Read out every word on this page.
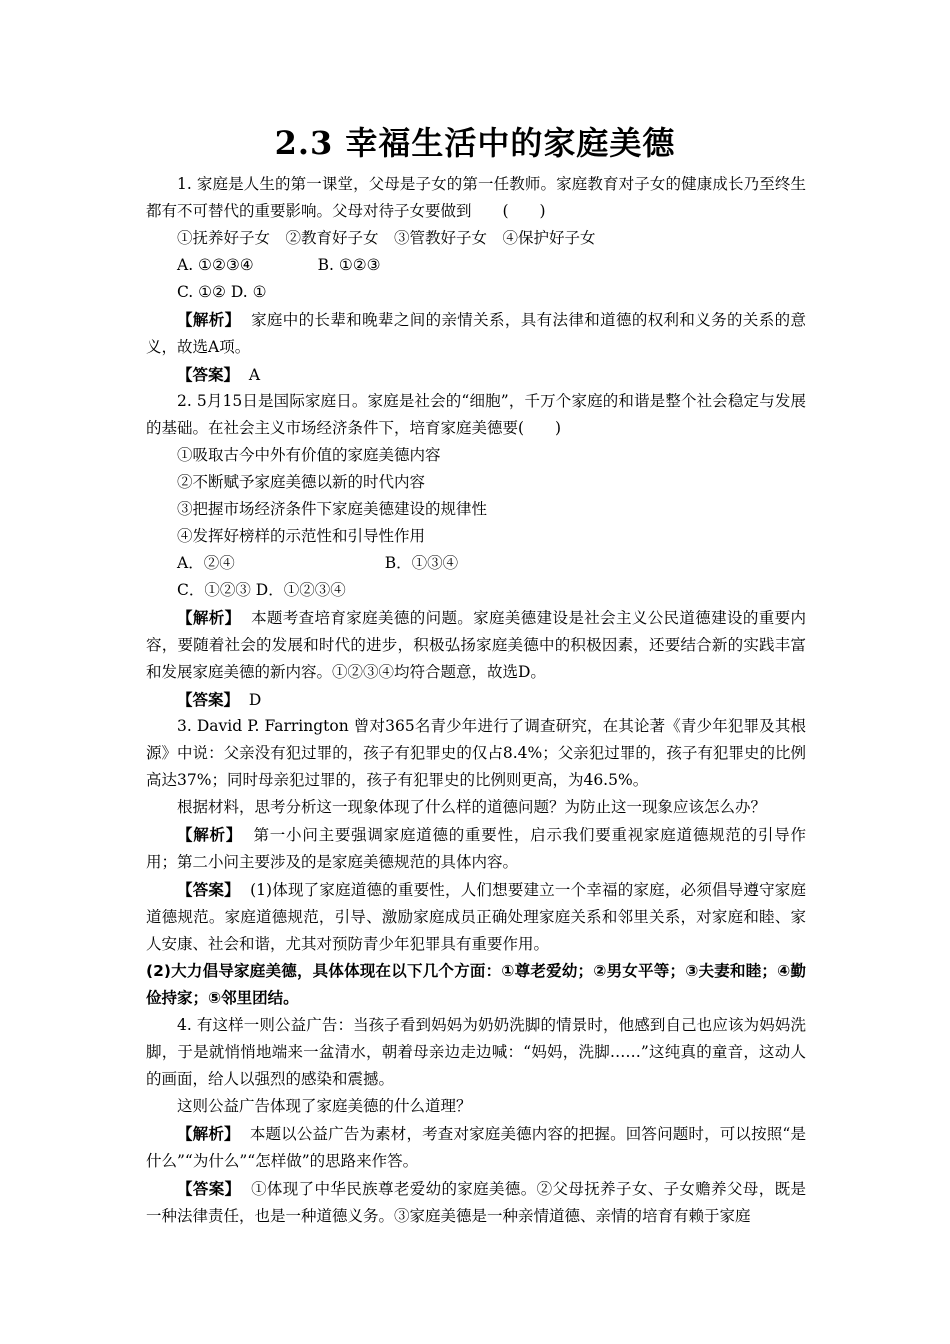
2.3 幸福生活中的家庭美德
1. 家庭是人生的第一课堂，父母是子女的第一任教师。家庭教育对子女的健康成长乃至终生都有不可替代的重要影响。父母对待子女要做到　　(　　)
①抚养好子女　②教育好子女　③管教好子女　④保护好子女
A. ①②③④	B. ①②③
C. ①② D. ①
【解析】 家庭中的长辈和晚辈之间的亲情关系，具有法律和道德的权利和义务的关系的意义，故选A项。
【答案】 A
2. 5月15日是国际家庭日。家庭是社会的“细胞”，千万个家庭的和谐是整个社会稳定与发展的基础。在社会主义市场经济条件下，培育家庭美德要(　　)
①吸取古今中外有价值的家庭美德内容
②不断赋予家庭美德以新的时代内容
③把握市场经济条件下家庭美德建设的规律性
④发挥好榜样的示范性和引导性作用
A．②④	B．①③④
C．①②③ D．①②③④
【解析】 本题考查培育家庭美德的问题。家庭美德建设是社会主义公民道德建设的重要内容，要随着社会的发展和时代的进步，积极弘扬家庭美德中的积极因素，还要结合新的实践丰富和发展家庭美德的新内容。①②③④均符合题意，故选D。
【答案】 D
3. David P. Farrington 曾对365名青少年进行了调查研究，在其论著《青少年犯罪及其根源》中说：父亲没有犯过罪的，孩子有犯罪史的仅占8.4%；父亲犯过罪的，孩子有犯罪史的比例高达37%；同时母亲犯过罪的，孩子有犯罪史的比例则更高，为46.5%。
根据材料，思考分析这一现象体现了什么样的道德问题？为防止这一现象应该怎么办？
【解析】 第一小问主要强调家庭道德的重要性，启示我们要重视家庭道德规范的引导作用；第二小问主要涉及的是家庭美德规范的具体内容。
【答案】 (1)体现了家庭道德的重要性，人们想要建立一个幸福的家庭，必须倡导遵守家庭道德规范。家庭道德规范，引导、激励家庭成员正确处理家庭关系和邻里关系，对家庭和睦、家人安康、社会和谐，尤其对预防青少年犯罪具有重要作用。
(2)大力倡导家庭美德，具体体现在以下几个方面：①尊老爱幼；②男女平等；③夫妻和睦；④勤俭持家；⑤邻里团结。
4. 有这样一则公益广告：当孩子看到妈妈为奶奶洗脚的情景时，他感到自己也应该为妈妈洗脚，于是就悄悄地端来一盆清水，朝着母亲边走边喊：“妈妈，洗脚……”这纯真的童音，这动人的画面，给人以强烈的感染和震撼。
这则公益广告体现了家庭美德的什么道理？
【解析】 本题以公益广告为素材，考查对家庭美德内容的把握。回答问题时，可以按照“是什么”“为什么”“怎样做”的思路来作答。
【答案】 ①体现了中华民族尊老爱幼的家庭美德。②父母抚养子女、子女赡养父母，既是一种法律责任，也是一种道德义务。③家庭美德是一种亲情道德、亲情的培育有赖于家庭
